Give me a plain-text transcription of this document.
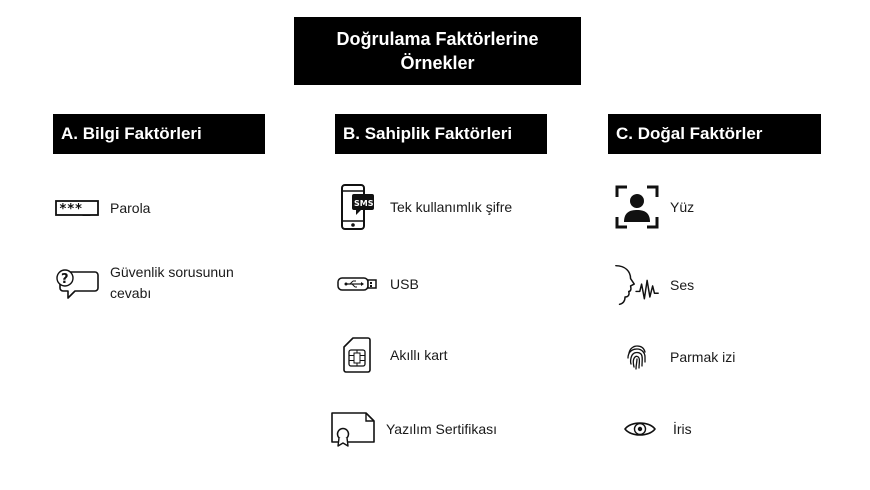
Doğrulama Faktörlerine Örnekler
A. Bilgi Faktörleri	B. Sahiplik Faktörleri	C. Doğal Faktörler
***_ Parola
?	Güvenlik sorusunun cevabı
SMS Tek kullanımlık şifre
USB
Akıllı kart
Yazılım Sertifikası
Yüz
Ses
Parmak izi
İris
